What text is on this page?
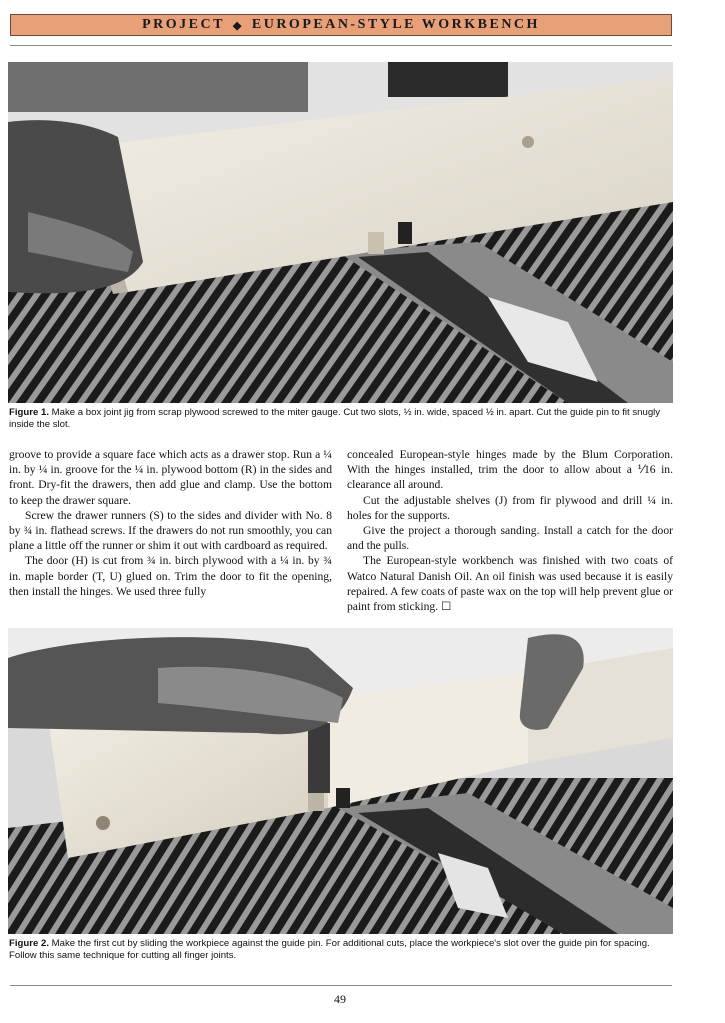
PROJECT ◆ EUROPEAN-STYLE WORKBENCH
Figure 1. Make a box joint jig from scrap plywood screwed to the miter gauge. Cut two slots, ½ in. wide, spaced ½ in. apart. Cut the guide pin to fit snugly inside the slot.

groove to provide a square face which acts as a drawer stop. Run a ¼ in. by ¼ in. groove for the ¼ in. plywood bottom (R) in the sides and front. Dry-fit the drawers, then add glue and clamp. Use the bottom to keep the drawer square.

Screw the drawer runners (S) to the sides and divider with No. 8 by ¾ in. flathead screws. If the drawers do not run smoothly, you can plane a little off the runner or shim it out with cardboard as required.

The door (H) is cut from ¾ in. birch plywood with a ¼ in. by ¾ in. maple border (T, U) glued on. Trim the door to fit the opening, then install the hinges. We used three fully

concealed European-style hinges made by the Blum Corporation. With the hinges installed, trim the door to allow about a ⅟16 in. clearance all around.

Cut the adjustable shelves (J) from fir plywood and drill ¼ in. holes for the supports.

Give the project a thorough sanding. Install a catch for the door and the pulls.

The European-style workbench was finished with two coats of Watco Natural Danish Oil. An oil finish was used because it is easily repaired. A few coats of paste wax on the top will help prevent glue or paint from sticking. ☐

Figure 2. Make the first cut by sliding the workpiece against the guide pin. For additional cuts, place the workpiece's slot over the guide pin for spacing. Follow this same technique for cutting all finger joints.
49
